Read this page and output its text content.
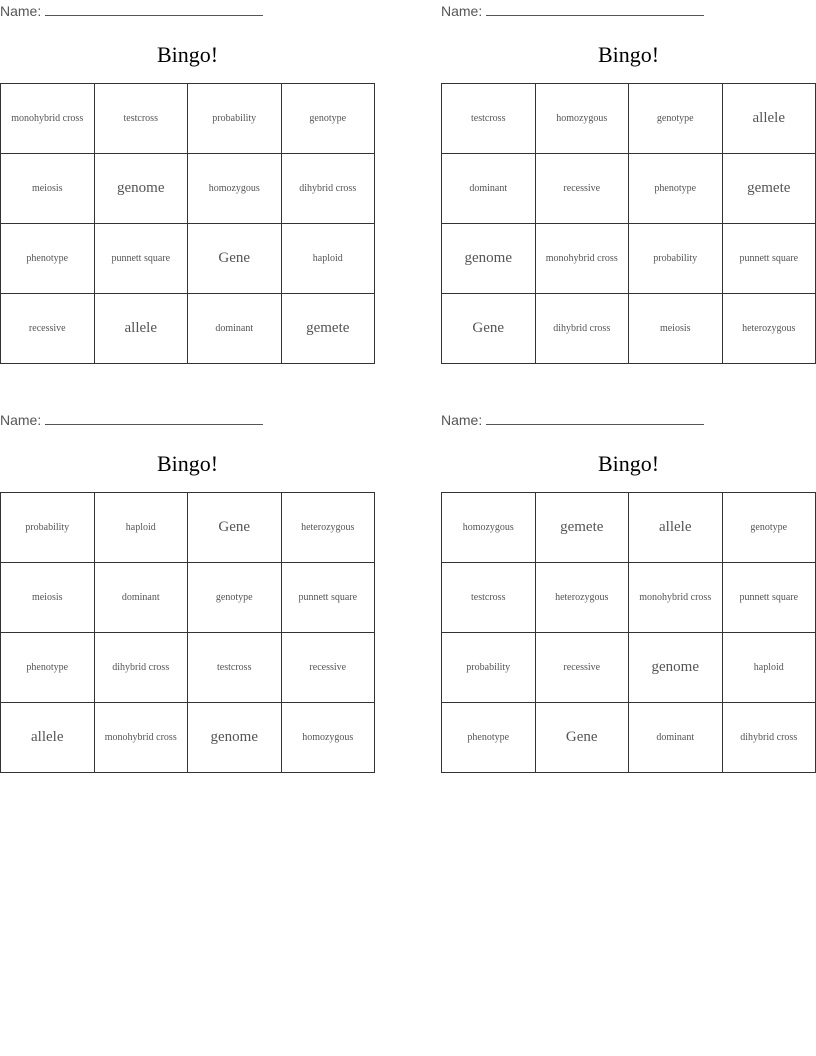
Name:
Bingo!
monohybrid cross	testcross	probability	genotype
meiosis	genome	homozygous	dihybrid cross
phenotype	punnett square	Gene	haploid
recessive	allele	dominant	gemete
Name:
Bingo!
testcross	homozygous	genotype	allele
dominant	recessive	phenotype	gemete
genome	monohybrid cross	probability	punnett square
Gene	dihybrid cross	meiosis	heterozygous
Name:
Bingo!
probability	haploid	Gene	heterozygous
meiosis	dominant	genotype	punnett square
phenotype	dihybrid cross	testcross	recessive
allele	monohybrid cross	genome	homozygous
Name:
Bingo!
homozygous	gemete	allele	genotype
testcross	heterozygous	monohybrid cross	punnett square
probability	recessive	genome	haploid
phenotype	Gene	dominant	dihybrid cross
